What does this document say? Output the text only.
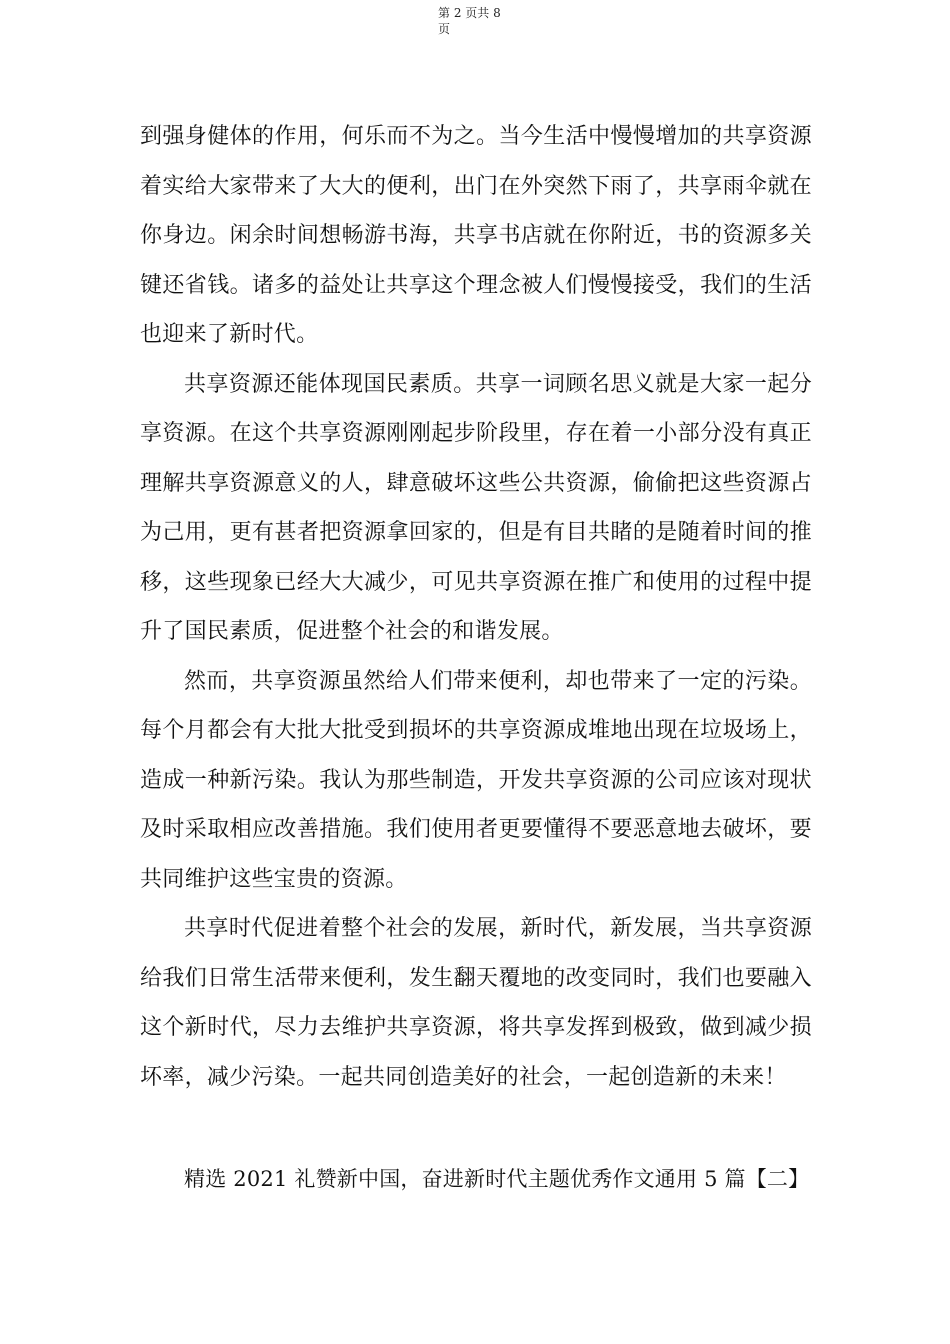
第 2 页共 8
页

到强身健体的作用，何乐而不为之。当今生活中慢慢增加的共享资源着实给大家带来了大大的便利，出门在外突然下雨了，共享雨伞就在你身边。闲余时间想畅游书海，共享书店就在你附近，书的资源多关键还省钱。诸多的益处让共享这个理念被人们慢慢接受，我们的生活也迎来了新时代。

共享资源还能体现国民素质。共享一词顾名思义就是大家一起分享资源。在这个共享资源刚刚起步阶段里，存在着一小部分没有真正理解共享资源意义的人，肆意破坏这些公共资源，偷偷把这些资源占为己用，更有甚者把资源拿回家的，但是有目共睹的是随着时间的推移，这些现象已经大大减少，可见共享资源在推广和使用的过程中提升了国民素质，促进整个社会的和谐发展。

然而，共享资源虽然给人们带来便利，却也带来了一定的污染。每个月都会有大批大批受到损坏的共享资源成堆地出现在垃圾场上，造成一种新污染。我认为那些制造，开发共享资源的公司应该对现状及时采取相应改善措施。我们使用者更要懂得不要恶意地去破坏，要共同维护这些宝贵的资源。

共享时代促进着整个社会的发展，新时代，新发展，当共享资源给我们日常生活带来便利，发生翻天覆地的改变同时，我们也要融入这个新时代，尽力去维护共享资源，将共享发挥到极致，做到减少损坏率，减少污染。一起共同创造美好的社会，一起创造新的未来！

精选 2021 礼赞新中国，奋进新时代主题优秀作文通用 5 篇【二】
